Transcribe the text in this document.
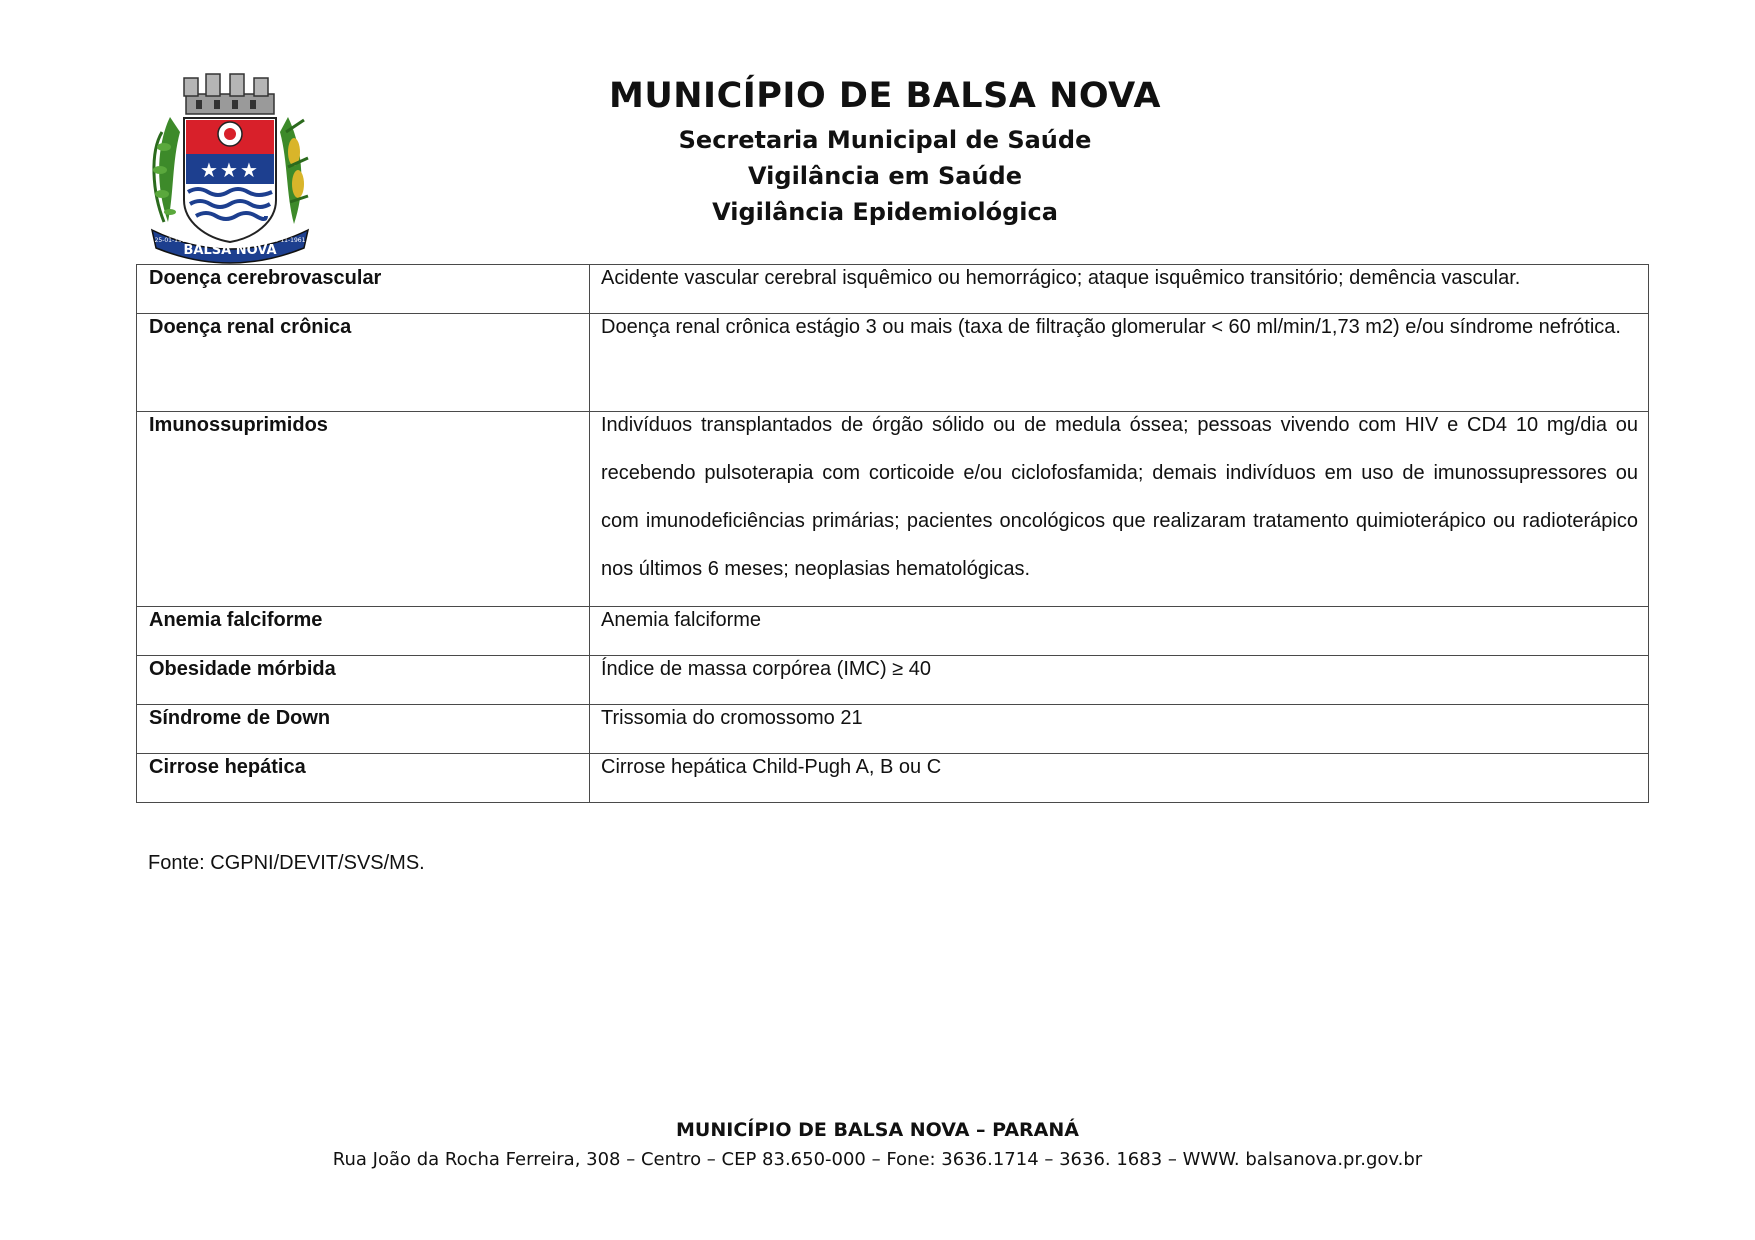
★ ★ ★
BALSA NOVA
25-01-1961	04-11-1961
MUNICÍPIO DE BALSA NOVA
Secretaria Municipal de Saúde
Vigilância em Saúde
Vigilância Epidemiológica
Doença cerebrovascular	Acidente vascular cerebral isquêmico ou hemorrágico; ataque isquêmico transitório; demência vascular.

Doença renal crônica	Doença renal crônica estágio 3 ou mais (taxa de filtração glomerular < 60 ml/min/1,73 m2) e/ou síndrome nefrótica.

Imunossuprimidos	Indivíduos transplantados de órgão sólido ou de medula óssea; pessoas vivendo com HIV e CD4 10 mg/dia ou recebendo pulsoterapia com corticoide e/ou ciclofosfamida; demais indivíduos em uso de imunossupressores ou com imunodeficiências primárias; pacientes oncológicos que realizaram tratamento quimioterápico ou radioterápico nos últimos 6 meses; neoplasias hematológicas.

Anemia falciforme	Anemia falciforme

Obesidade mórbida	Índice de massa corpórea (IMC) ≥ 40

Síndrome de Down	Trissomia do cromossomo 21

Cirrose hepática	Cirrose hepática Child-Pugh A, B ou C
Fonte: CGPNI/DEVIT/SVS/MS.
MUNICÍPIO DE BALSA NOVA – PARANÁ
Rua João da Rocha Ferreira, 308 – Centro – CEP 83.650-000 – Fone: 3636.1714 – 3636. 1683 – WWW. balsanova.pr.gov.br
